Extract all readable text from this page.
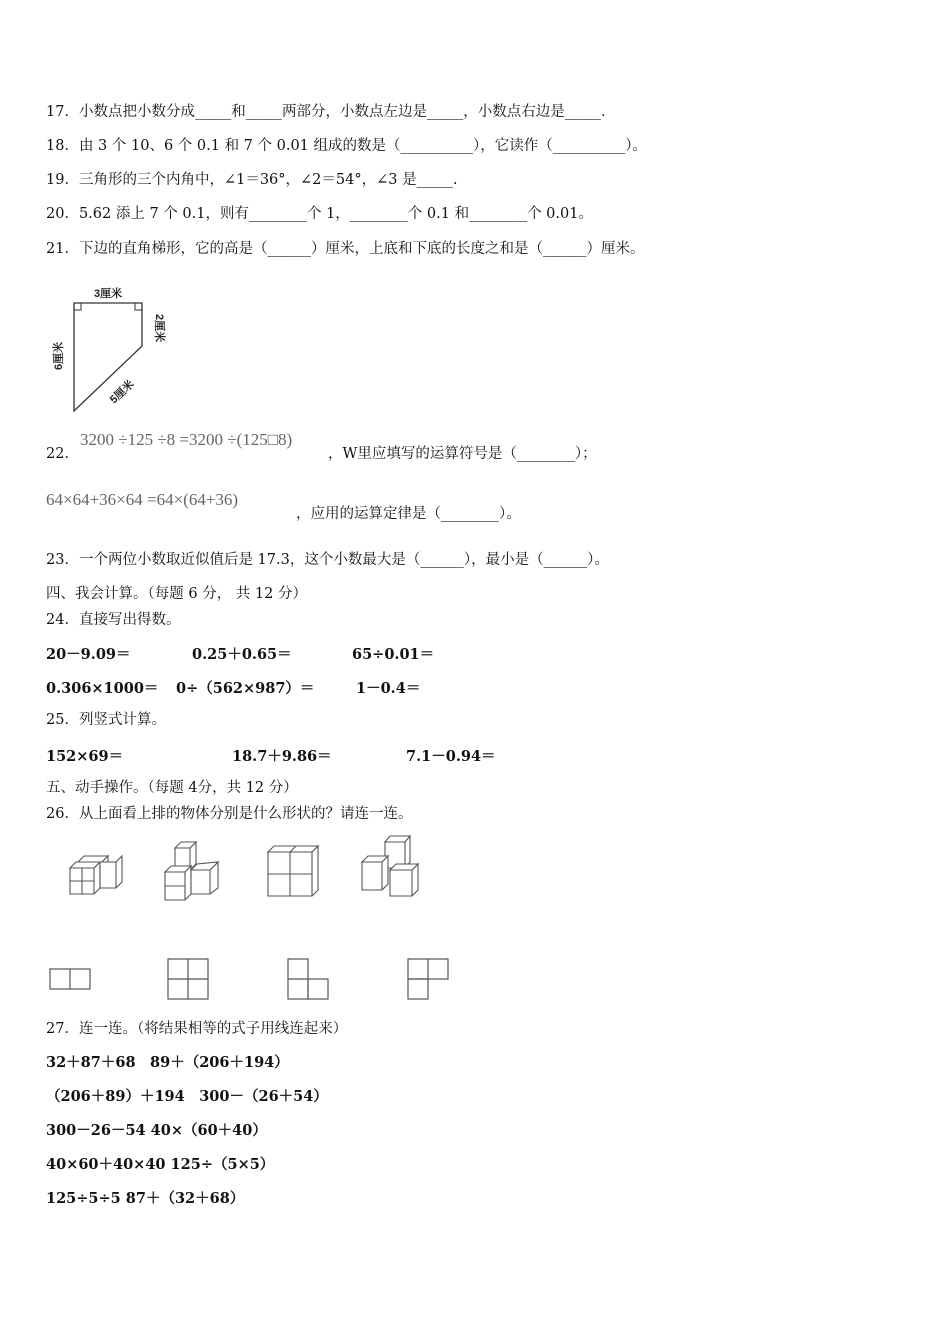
17．小数点把小数分成_____和_____两部分，小数点左边是_____，小数点右边是_____．
18．由 3 个 10、6 个 0.1 和 7 个 0.01 组成的数是（__________），它读作（__________）。
19．三角形的三个内角中，∠1＝36°，∠2＝54°，∠3 是_____.
20．5.62 添上 7 个 0.1，则有________个 1，________个 0.1 和________个 0.01。
21．下边的直角梯形，它的高是（______）厘米，上底和下底的长度之和是（______）厘米。
3厘米
6厘米
2厘米
5厘米
22．
3200 ÷125 ÷8 =3200 ÷(125□8)
，W里应填写的运算符号是（________）；
64×64+36×64 =64×(64+36)
，应用的运算定律是（________）。
23．一个两位小数取近似值后是 17.3，这个小数最大是（______），最小是（______）。
四、我会计算。（每题 6 分， 共 12 分）
24．直接写出得数。
20－9.09＝	0.25＋0.65＝	65÷0.01＝
0.306×1000＝ 0÷（562×987）＝	1－0.4＝
25．列竖式计算。
152×69＝	18.7＋9.86＝	7.1－0.94＝
五、动手操作。（每题 4分，共 12 分）
26．从上面看上排的物体分别是什么形状的？请连一连。
27．连一连。（将结果相等的式子用线连起来）
32＋87＋68　89＋（206＋194）
（206＋89）＋194　300－（26＋54）
300－26－54 40×（60＋40）
40×60＋40×40 125÷（5×5）
125÷5÷5 87＋（32＋68）
